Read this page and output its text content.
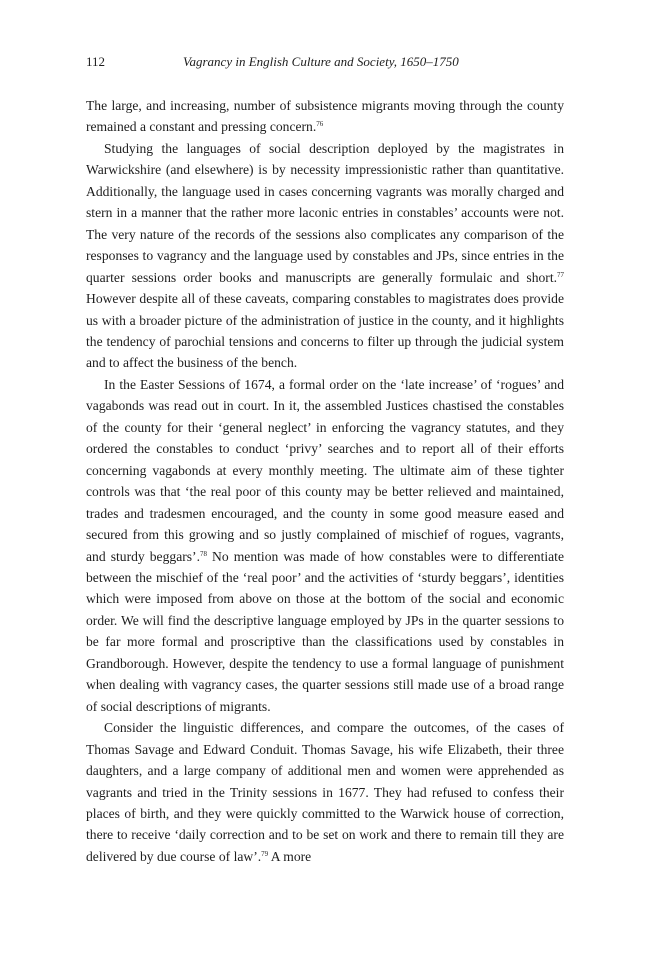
112	Vagrancy in English Culture and Society, 1650–1750

The large, and increasing, number of subsistence migrants moving through the county remained a constant and pressing concern.$^{76}$

Studying the languages of social description deployed by the magistrates in Warwickshire (and elsewhere) is by necessity impressionistic rather than quantitative. Additionally, the language used in cases concerning vagrants was morally charged and stern in a manner that the rather more laconic entries in constables’ accounts were not. The very nature of the records of the sessions also complicates any comparison of the responses to vagrancy and the language used by constables and JPs, since entries in the quarter sessions order books and manuscripts are generally formulaic and short.$^{77}$ However despite all of these caveats, comparing constables to magistrates does provide us with a broader picture of the administration of justice in the county, and it highlights the tendency of parochial tensions and concerns to filter up through the judicial system and to affect the business of the bench.

In the Easter Sessions of 1674, a formal order on the ‘late increase’ of ‘rogues’ and vagabonds was read out in court. In it, the assembled Justices chastised the constables of the county for their ‘general neglect’ in enforcing the vagrancy statutes, and they ordered the constables to conduct ‘privy’ searches and to report all of their efforts concerning vagabonds at every monthly meeting. The ultimate aim of these tighter controls was that ‘the real poor of this county may be better relieved and maintained, trades and tradesmen encouraged, and the county in some good measure eased and secured from this growing and so justly complained of mischief of rogues, vagrants, and sturdy beggars’.$^{78}$ No mention was made of how constables were to differentiate between the mischief of the ‘real poor’ and the activities of ‘sturdy beggars’, identities which were imposed from above on those at the bottom of the social and economic order. We will find the descriptive language employed by JPs in the quarter sessions to be far more formal and proscriptive than the classifications used by constables in Grandborough. However, despite the tendency to use a formal language of punishment when dealing with vagrancy cases, the quarter sessions still made use of a broad range of social descriptions of migrants.

Consider the linguistic differences, and compare the outcomes, of the cases of Thomas Savage and Edward Conduit. Thomas Savage, his wife Elizabeth, their three daughters, and a large company of additional men and women were apprehended as vagrants and tried in the Trinity sessions in 1677. They had refused to confess their places of birth, and they were quickly committed to the Warwick house of correction, there to receive ‘daily correction and to be set on work and there to remain till they are delivered by due course of law’.$^{79}$ A more
